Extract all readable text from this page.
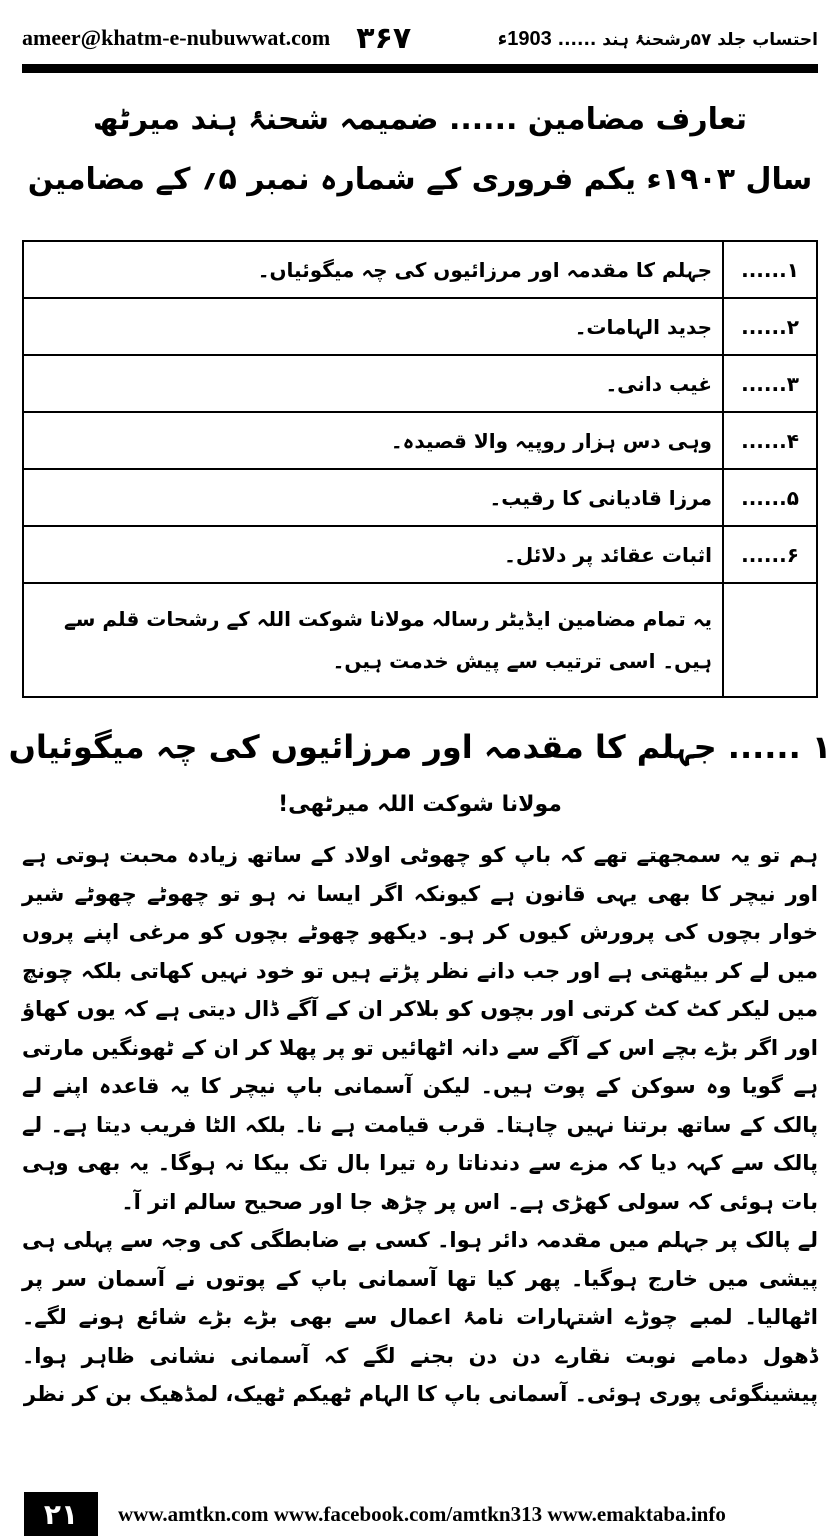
ameer@khatm-e-nubuwwat.com ۳۶۷	احتساب جلد ۵۷رشحنۂ ہند ...... 1903ء
تعارف مضامین ...... ضمیمہ شحنۂ ہند میرٹھ
سال ۱۹۰۳ء یکم فروری کے شمارہ نمبر ۵؍ کے مضامین
۱......	جہلم کا مقدمہ اور مرزائیوں کی چہ میگوئیاں۔
۲......	جدید الہامات۔
۳......	غیب دانی۔
۴......	وہی دس ہزار روپیہ والا قصیدہ۔
۵......	مرزا قادیانی کا رقیب۔
۶......	اثبات عقائد پر دلائل۔
	یہ تمام مضامین ایڈیٹر رسالہ مولانا شوکت اللہ کے رشحات قلم سے ہیں۔ اسی ترتیب سے پیش خدمت ہیں۔
۱ ...... جہلم کا مقدمہ اور مرزائیوں کی چہ میگوئیاں
مولانا شوکت اللہ میرٹھی!

ہم تو یہ سمجھتے تھے کہ باپ کو چھوٹی اولاد کے ساتھ زیادہ محبت ہوتی ہے اور نیچر کا بھی یہی قانون ہے کیونکہ اگر ایسا نہ ہو تو چھوٹے چھوٹے شیر خوار بچوں کی پرورش کیوں کر ہو۔ دیکھو چھوٹے بچوں کو مرغی اپنے پروں میں لے کر بیٹھتی ہے اور جب دانے نظر پڑتے ہیں تو خود نہیں کھاتی بلکہ چونچ میں لیکر کٹ کٹ کرتی اور بچوں کو بلاکر ان کے آگے ڈال دیتی ہے کہ یوں کھاؤ اور اگر بڑے بچے اس کے آگے سے دانہ اٹھائیں تو پر پھلا کر ان کے ٹھونگیں مارتی ہے گویا وہ سوکن کے پوت ہیں۔ لیکن آسمانی باپ نیچر کا یہ قاعدہ اپنے لے پالک کے ساتھ برتنا نہیں چاہتا۔ قرب قیامت ہے نا۔ بلکہ الٹا فریب دیتا ہے۔ لے پالک سے کہہ دیا کہ مزے سے دندناتا رہ تیرا بال تک بیکا نہ ہوگا۔ یہ بھی وہی بات ہوئی کہ سولی کھڑی ہے۔ اس پر چڑھ جا اور صحیح سالم اتر آ۔

لے پالک پر جہلم میں مقدمہ دائر ہوا۔ کسی بے ضابطگی کی وجہ سے پہلی ہی پیشی میں خارج ہوگیا۔ پھر کیا تھا آسمانی باپ کے پوتوں نے آسمان سر پر اٹھالیا۔ لمبے چوڑے اشتہارات نامۂ اعمال سے بھی بڑے بڑے شائع ہونے لگے۔ ڈھول دمامے نوبت نقارے دن دن بجنے لگے کہ آسمانی نشانی ظاہر ہوا۔ پیشینگوئی پوری ہوئی۔ آسمانی باپ کا الہام ٹھیکم ٹھیک، لمڈھیک بن کر نظر

۲۱	www.amtkn.com www.facebook.com/amtkn313 www.emaktaba.info
